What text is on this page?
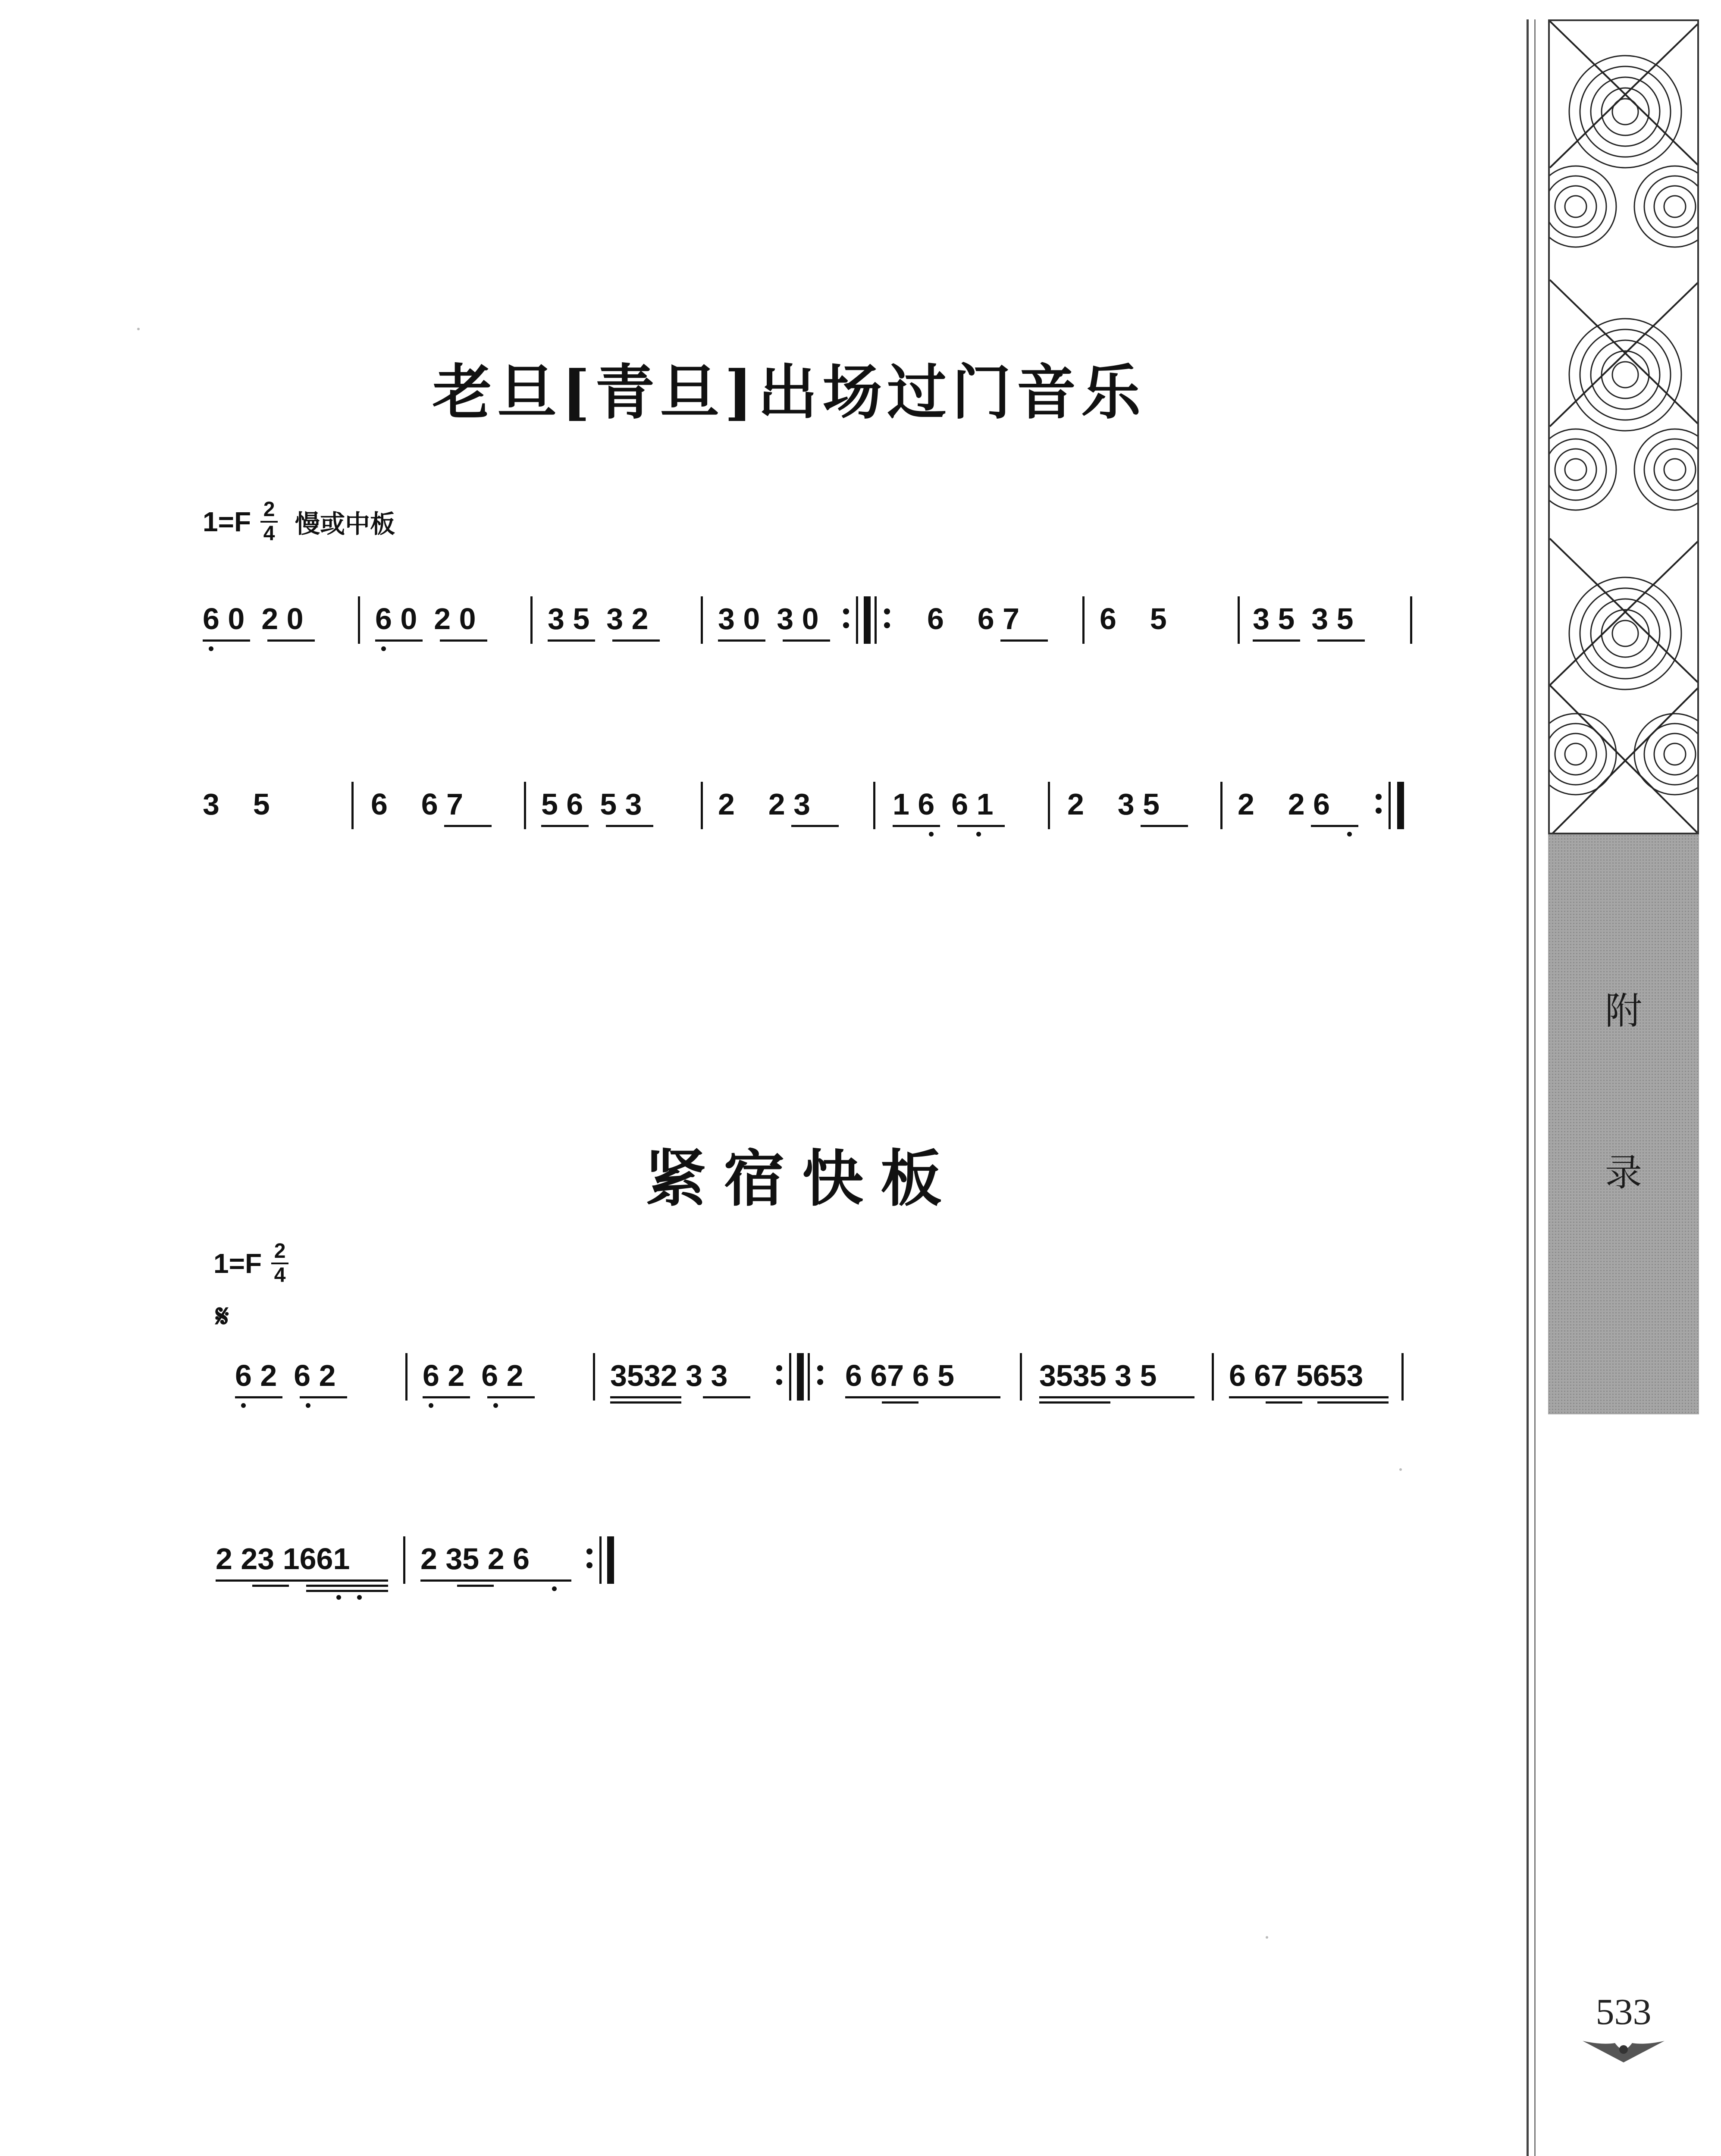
附
录
533
老旦[青旦]出场过门音乐
$1=F \frac{2}{4}$ 慢或中板
6 0  2 0 6 0  2 0 3 5  3 2 3 0  3 0	6    6 7	6    5	3 5  3 5
3    5	6    6 7	5 6  5 3	2    2 3	1 6  6 1 2    3 5	2    2 6
紧宿快板
$1=F \frac{2}{4}$
𝄋
6 2  6 2	6 2  6 2	3532 3 3	6 67 6 5	3535 3 5 6 67 5653
2 23 1661 2 35 2 6
